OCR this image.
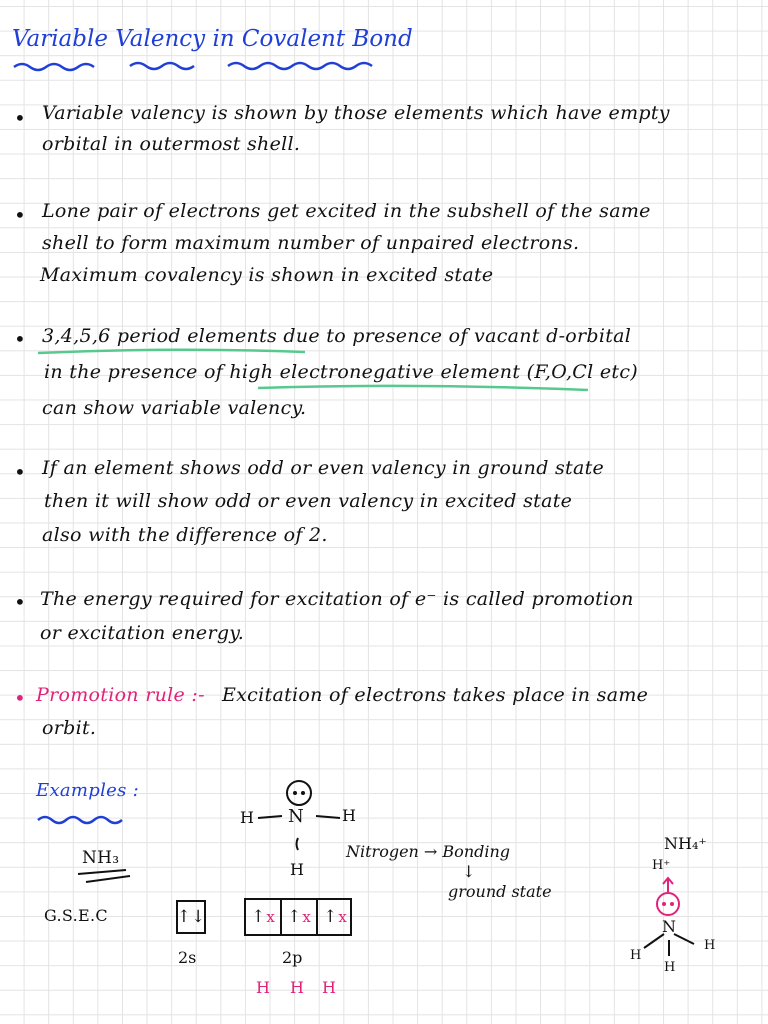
Variable Valency in Covalent Bond
• Variable valency is shown by those elements which have empty
orbital in outermost shell.
• Lone pair of electrons get excited in the subshell of the same
shell to form maximum number of unpaired electrons.
Maximum covalency is shown in excited state
• 3,4,5,6 period elements due to presence of vacant d-orbital
in the presence of high electronegative element (F,O,Cl etc)
can show variable valency.
• If an element shows odd or even valency in ground state
then it will show odd or even valency in excited state
also with the difference of 2.
• The energy required for excitation of e⁻ is called promotion
or excitation energy.
• Promotion rule :- Excitation of electrons takes place in same
orbit.
Examples :
N
H	H
H
Nitrogen → Bonding
↓
ground state
NH₃
G.S.E.C	↑↓
2s
↑ x ↑ x ↑ x
2p
H H H
NH₄⁺
H⁺
N
H
H
H
